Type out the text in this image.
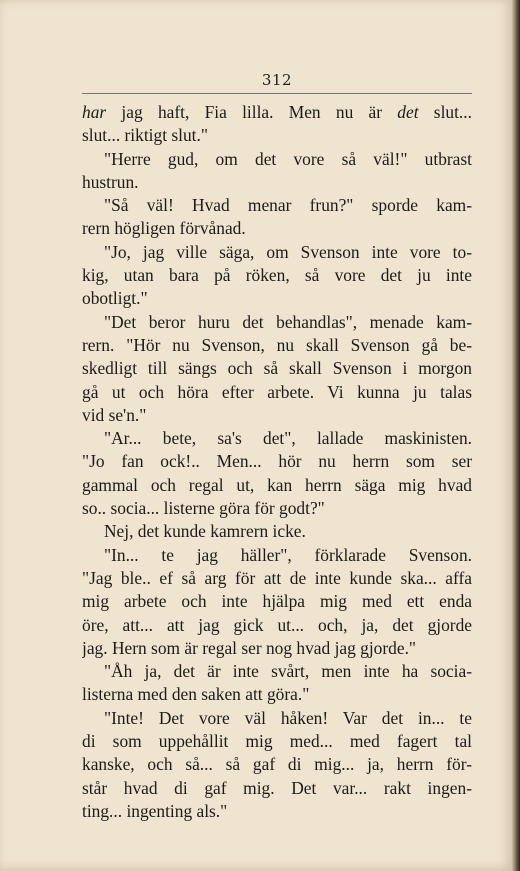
312
har jag haft, Fia lilla. Men nu är det slut...
slut... riktigt slut."
"Herre gud, om det vore så väl!" utbrast
hustrun.
"Så väl! Hvad menar frun?" sporde kam-
rern högligen förvånad.
"Jo, jag ville säga, om Svenson inte vore to-
kig, utan bara på röken, så vore det ju inte
obotligt."
"Det beror huru det behandlas", menade kam-
rern. "Hör nu Svenson, nu skall Svenson gå be-
skedligt till sängs och så skall Svenson i morgon
gå ut och höra efter arbete. Vi kunna ju talas
vid se'n."
"Ar... bete, sa's det", lallade maskinisten.
"Jo fan ock!.. Men... hör nu herrn som ser
gammal och regal ut, kan herrn säga mig hvad
so.. socia... listerne göra för godt?"
Nej, det kunde kamrern icke.
"In... te jag häller", förklarade Svenson.
"Jag ble.. ef så arg för att de inte kunde ska... affa
mig arbete och inte hjälpa mig med ett enda
öre, att... att jag gick ut... och, ja, det gjorde
jag. Hern som är regal ser nog hvad jag gjorde."
"Åh ja, det är inte svårt, men inte ha socia-
listerna med den saken att göra."
"Inte! Det vore väl håken! Var det in... te
di som uppehållit mig med... med fagert tal
kanske, och så... så gaf di mig... ja, herrn för-
står hvad di gaf mig. Det var... rakt ingen-
ting... ingenting als."
